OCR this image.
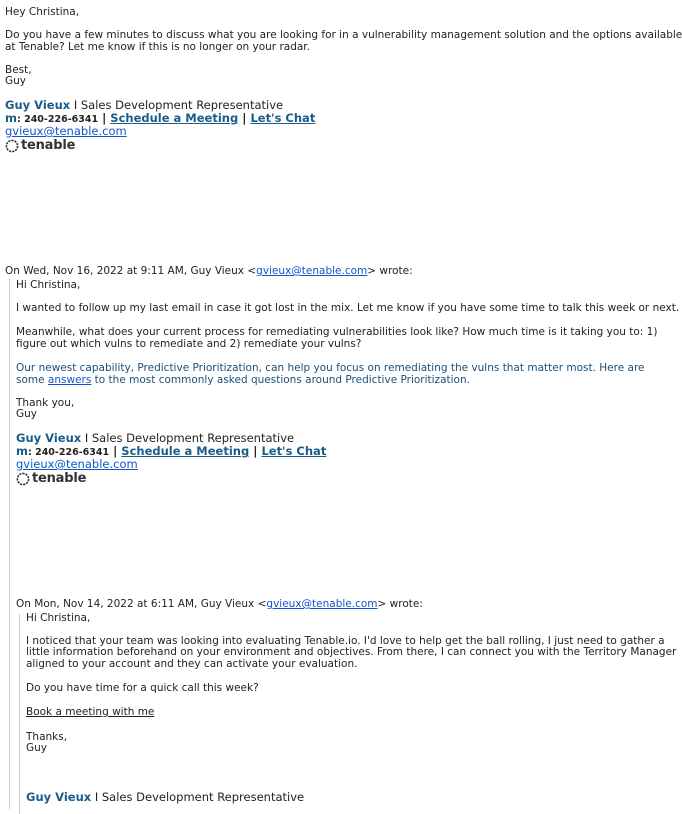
Hey Christina,

Do you have a few minutes to discuss what you are looking for in a vulnerability management solution and the options available

at Tenable? Let me know if this is no longer on your radar.

Best,

Guy

Guy Vieux I Sales Development Representative
m: 240-226-6341 | Schedule a Meeting | Let's Chat
gvieux@tenable.com
tenable
On Wed, Nov 16, 2022 at 9:11 AM, Guy Vieux <gvieux@tenable.com> wrote:

Hi Christina,

I wanted to follow up my last email in case it got lost in the mix. Let me know if you have some time to talk this week or next.

Meanwhile, what does your current process for remediating vulnerabilities look like? How much time is it taking you to: 1)

figure out which vulns to remediate and 2) remediate your vulns?

Our newest capability, Predictive Prioritization, can help you focus on remediating the vulns that matter most. Here are

some answers to the most commonly asked questions around Predictive Prioritization.

Thank you,

Guy

Guy Vieux I Sales Development Representative
m: 240-226-6341 | Schedule a Meeting | Let's Chat
gvieux@tenable.com
tenable
On Mon, Nov 14, 2022 at 6:11 AM, Guy Vieux <gvieux@tenable.com> wrote:

Hi Christina,

I noticed that your team was looking into evaluating Tenable.io. I'd love to help get the ball rolling, I just need to gather a

little information beforehand on your environment and objectives. From there, I can connect you with the Territory Manager

aligned to your account and they can activate your evaluation.

Do you have time for a quick call this week?

Book a meeting with me

Thanks,

Guy

Guy Vieux I Sales Development Representative
